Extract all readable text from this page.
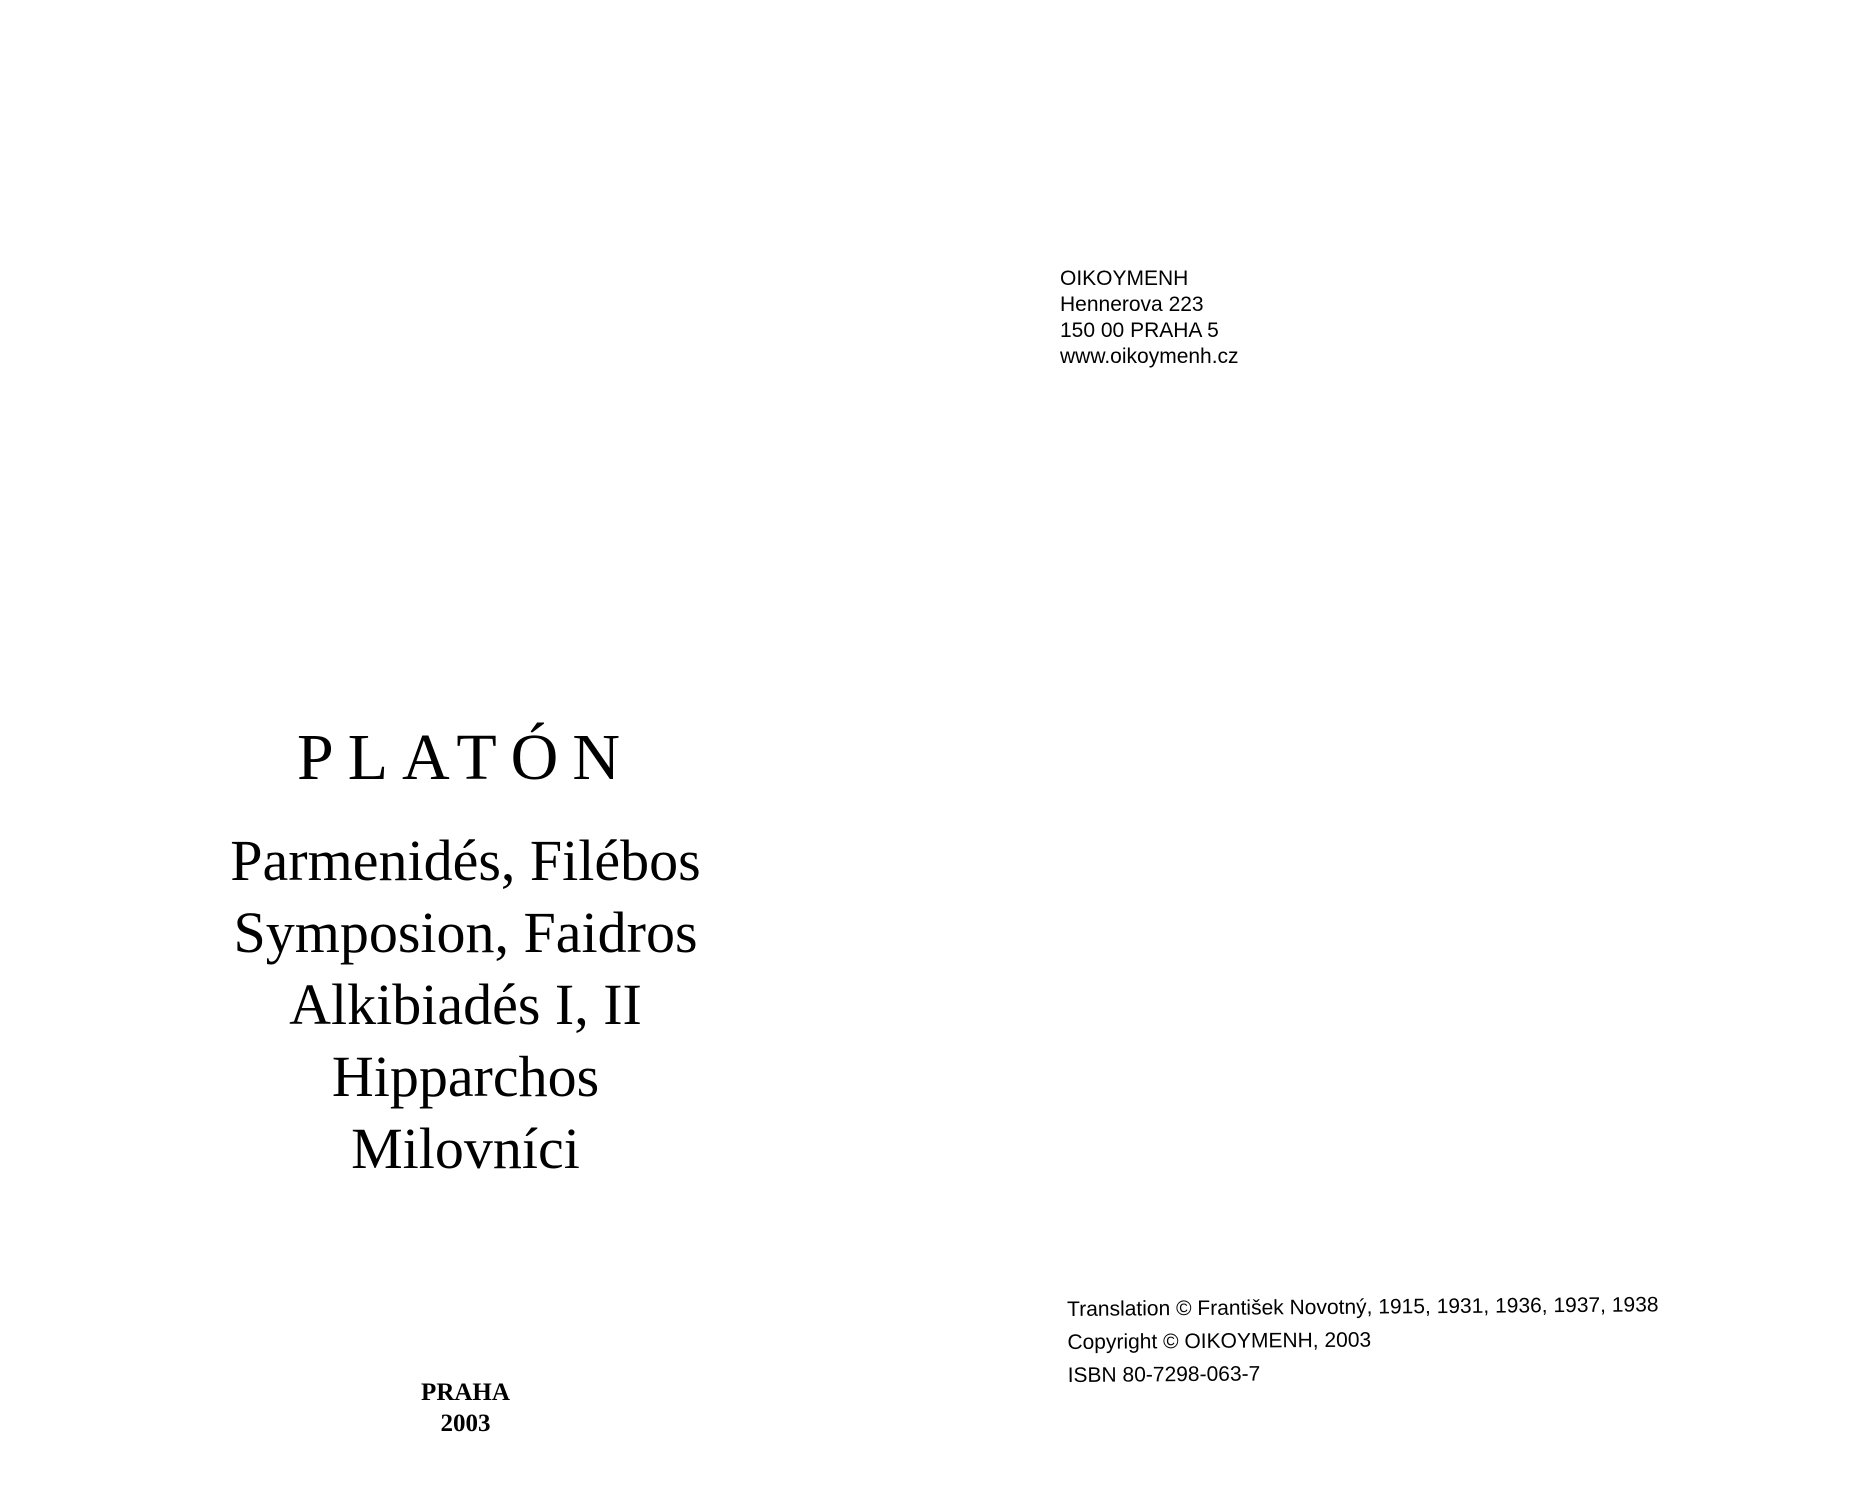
PLATÓN
Parmenidés, Filébos
Symposion, Faidros
Alkibiadés I, II
Hipparchos
Milovníci
PRAHA
2003
OIKOYMENH
Hennerova 223
150 00 PRAHA 5
www.oikoymenh.cz
Translation © František Novotný, 1915, 1931, 1936, 1937, 1938
Copyright © OIKOYMENH, 2003
ISBN 80-7298-063-7
